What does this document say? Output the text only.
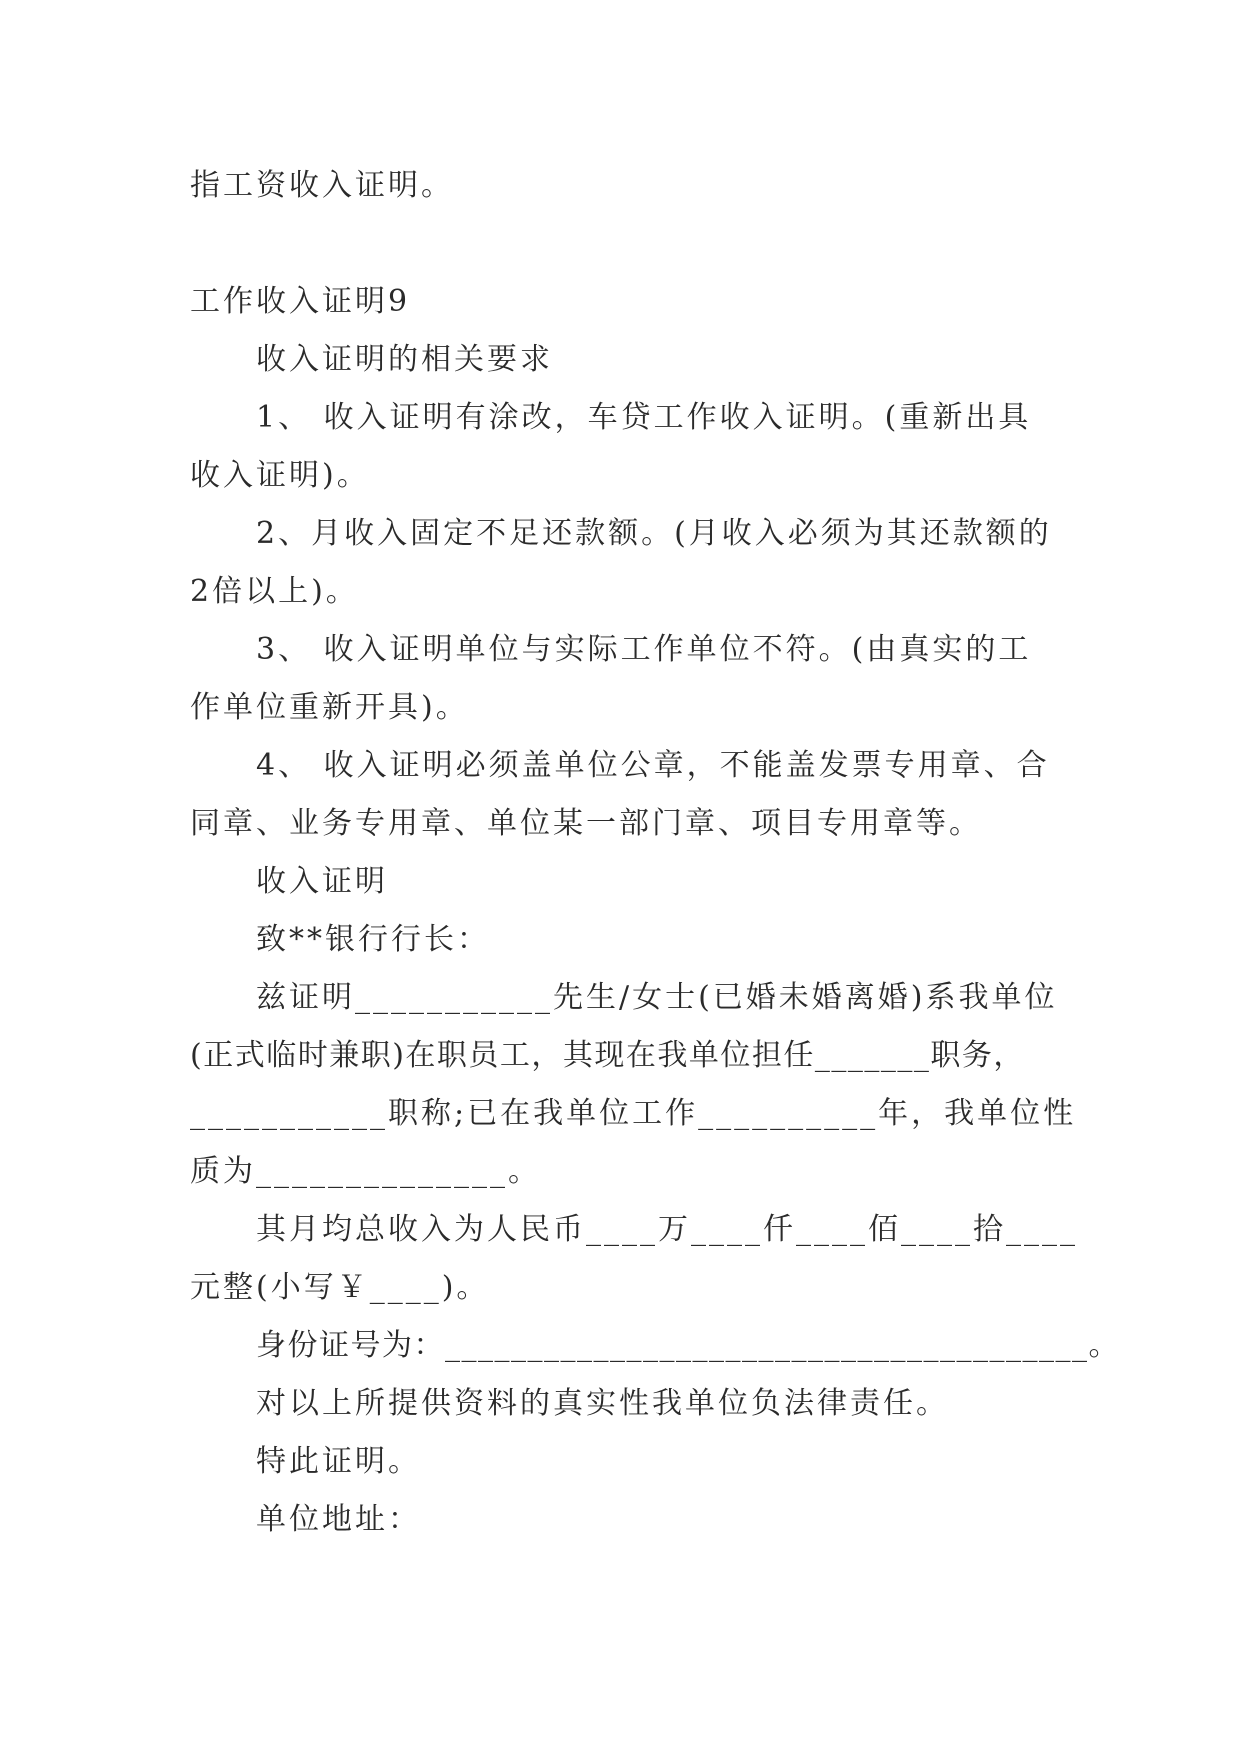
指工资收入证明。

工作收入证明9

收入证明的相关要求

1、 收入证明有涂改，车贷工作收入证明。(重新出具

收入证明)。

2、月收入固定不足还款额。(月收入必须为其还款额的

2倍以上)。

3、 收入证明单位与实际工作单位不符。(由真实的工

作单位重新开具)。

4、 收入证明必须盖单位公章，不能盖发票专用章、合

同章、业务专用章、单位某一部门章、项目专用章等。

收入证明

致**银行行长：

兹证明___________先生/女士(已婚未婚离婚)系我单位

(正式临时兼职)在职员工，其现在我单位担任_______职务，

___________职称;已在我单位工作__________年，我单位性

质为______________。

其月均总收入为人民币____万____仟____佰____拾____

元整(小写￥____)。

身份证号为：_______________________________________。

对以上所提供资料的真实性我单位负法律责任。

特此证明。

单位地址：
